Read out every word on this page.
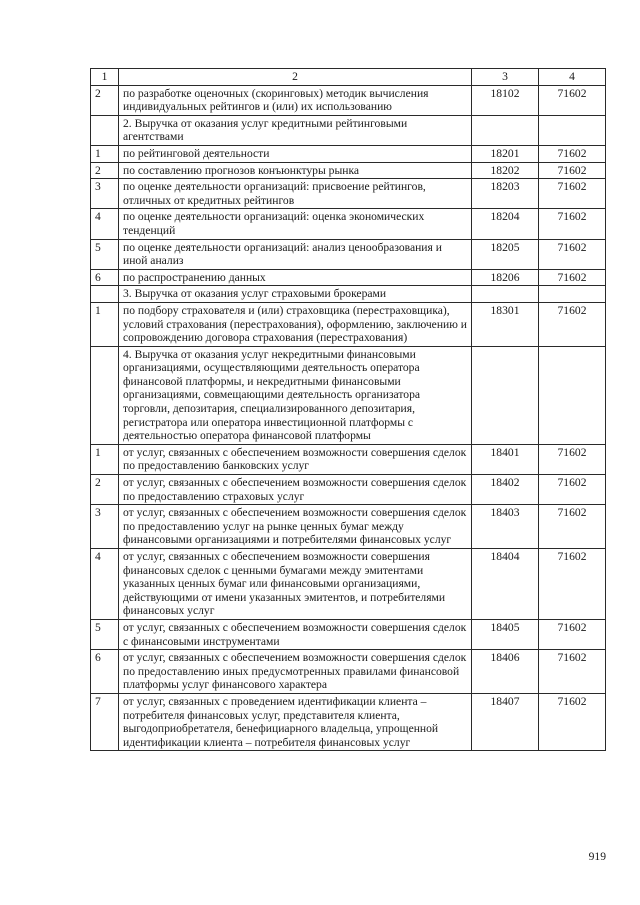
1	2	3	4
2	по разработке оценочных (скоринговых) методик вычисления индивидуальных рейтингов и (или) их использованию	18102	71602
	2. Выручка от оказания услуг кредитными рейтинговыми агентствами		
1	по рейтинговой деятельности	18201	71602
2	по составлению прогнозов конъюнктуры рынка	18202	71602
3	по оценке деятельности организаций: присвоение рейтингов, отличных от кредитных рейтингов	18203	71602
4	по оценке деятельности организаций: оценка экономических тенденций	18204	71602
5	по оценке деятельности организаций: анализ ценообразования и иной анализ	18205	71602
6	по распространению данных	18206	71602
	3. Выручка от оказания услуг страховыми брокерами		
1	по подбору страхователя и (или) страховщика (перестраховщика), условий страхования (перестрахования), оформлению, заключению и сопровождению договора страхования (перестрахования)	18301	71602
	4. Выручка от оказания услуг некредитными финансовыми организациями, осуществляющими деятельность оператора финансовой платформы, и некредитными финансовыми организациями, совмещающими деятельность организатора торговли, депозитария, специализированного депозитария, регистратора или оператора инвестиционной платформы с деятельностью оператора финансовой платформы		
1	от услуг, связанных с обеспечением возможности совершения сделок по предоставлению банковских услуг	18401	71602
2	от услуг, связанных с обеспечением возможности совершения сделок по предоставлению страховых услуг	18402	71602
3	от услуг, связанных с обеспечением возможности совершения сделок по предоставлению услуг на рынке ценных бумаг между финансовыми организациями и потребителями финансовых услуг	18403	71602
4	от услуг, связанных с обеспечением возможности совершения финансовых сделок с ценными бумагами между эмитентами указанных ценных бумаг или финансовыми организациями, действующими от имени указанных эмитентов, и потребителями финансовых услуг	18404	71602
5	от услуг, связанных с обеспечением возможности совершения сделок с финансовыми инструментами	18405	71602
6	от услуг, связанных с обеспечением возможности совершения сделок по предоставлению иных предусмотренных правилами финансовой платформы услуг финансового характера	18406	71602
7	от услуг, связанных с проведением идентификации клиента – потребителя финансовых услуг, представителя клиента, выгодоприобретателя, бенефициарного владельца, упрощенной идентификации клиента – потребителя финансовых услуг	18407	71602
919
